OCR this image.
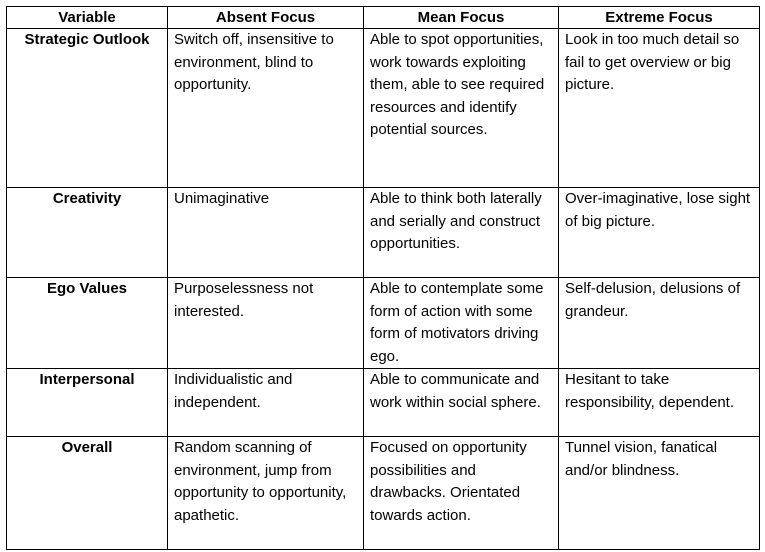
Variable	Absent Focus	Mean Focus	Extreme Focus
Strategic Outlook	Switch off, insensitive to environment, blind to opportunity.	Able to spot opportunities, work towards exploiting them, able to see required resources and identify potential sources.	Look in too much detail so fail to get overview or big picture.
Creativity	Unimaginative	Able to think both laterally and serially and construct opportunities.	Over-imaginative, lose sight of big picture.
Ego Values	Purposelessness not interested.	Able to contemplate some form of action with some form of motivators driving ego.	Self-delusion, delusions of grandeur.
Interpersonal	Individualistic and independent.	Able to communicate and work within social sphere.	Hesitant to take responsibility, dependent.
Overall	Random scanning of environment, jump from opportunity to opportunity, apathetic.	Focused on opportunity possibilities and drawbacks. Orientated towards action.	Tunnel vision, fanatical and/or blindness.
